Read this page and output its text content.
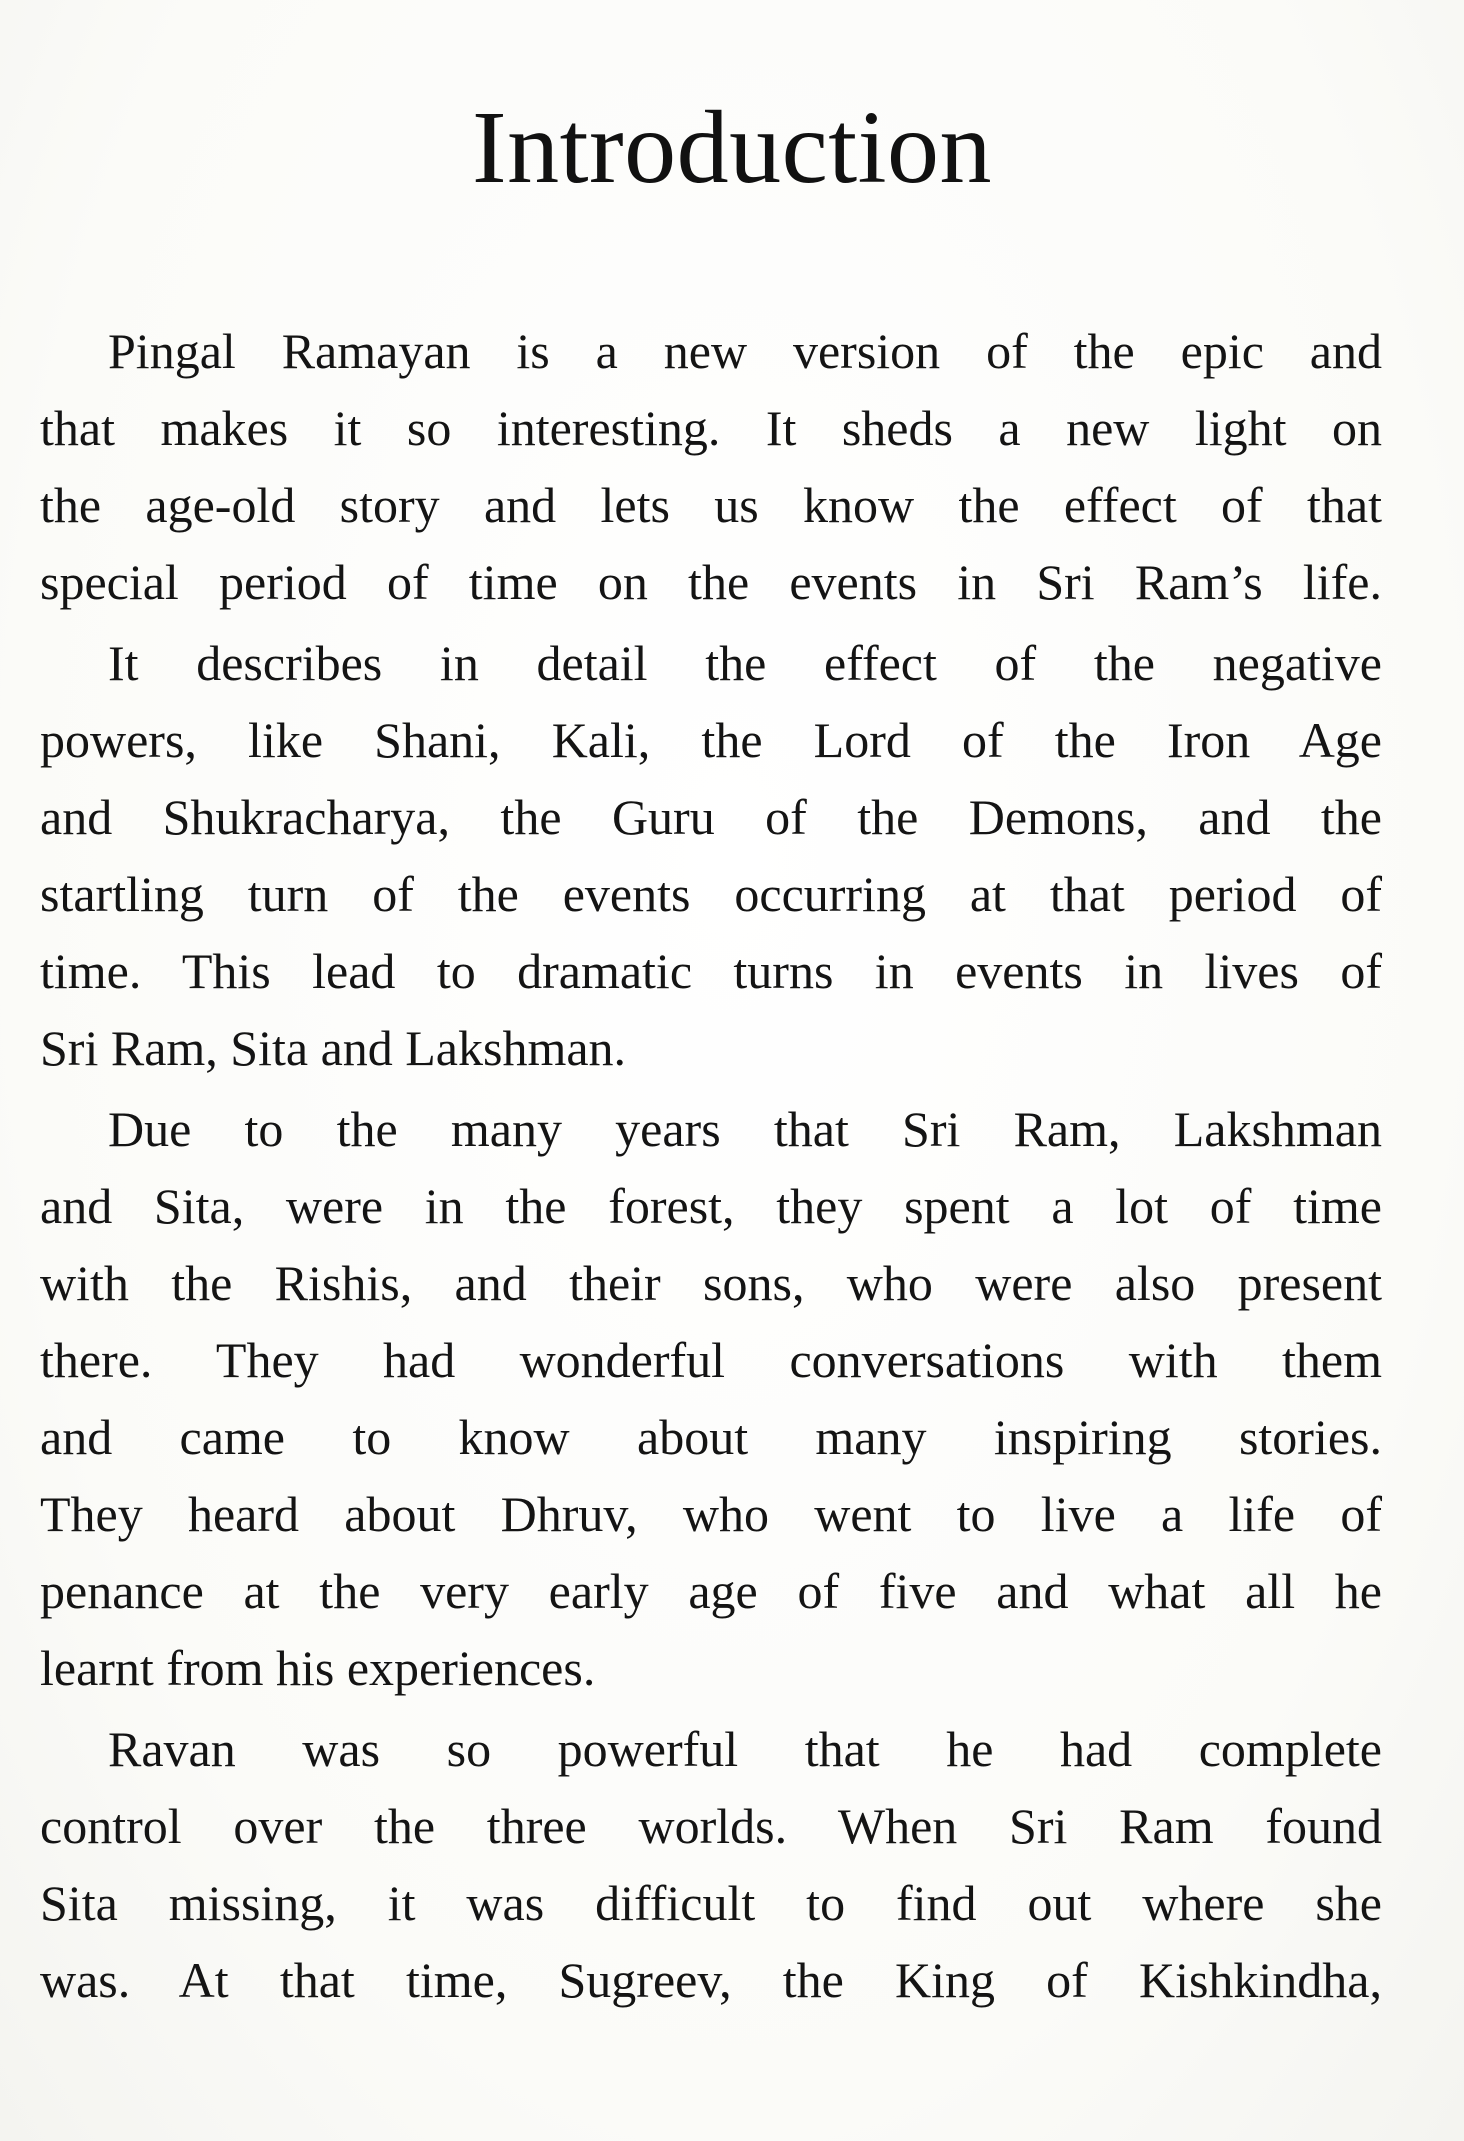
Introduction
Pingal Ramayan is a new version of the epic and
that makes it so interesting. It sheds a new light on
the age-old story and lets us know the effect of that
special period of time on the events in Sri Ram’s life.
It describes in detail the effect of the negative
powers, like Shani, Kali, the Lord of the Iron Age
and Shukracharya, the Guru of the Demons, and the
startling turn of the events occurring at that period of
time. This lead to dramatic turns in events in lives of
Sri Ram, Sita and Lakshman.
Due to the many years that Sri Ram, Lakshman
and Sita, were in the forest, they spent a lot of time
with the Rishis, and their sons, who were also present
there. They had wonderful conversations with them
and came to know about many inspiring stories.
They heard about Dhruv, who went to live a life of
penance at the very early age of five and what all he
learnt from his experiences.
Ravan was so powerful that he had complete
control over the three worlds. When Sri Ram found
Sita missing, it was difficult to find out where she
was. At that time, Sugreev, the King of Kishkindha,
